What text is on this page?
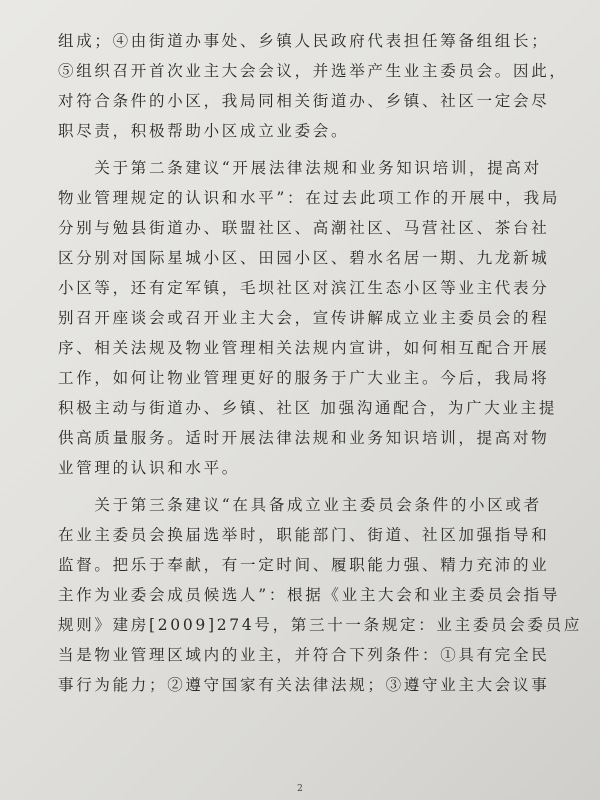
组成；④由街道办事处、乡镇人民政府代表担任筹备组组长；
⑤组织召开首次业主大会会议，并选举产生业主委员会。因此，
对符合条件的小区，我局同相关街道办、乡镇、社区一定会尽
职尽责，积极帮助小区成立业委会。
　　关于第二条建议“开展法律法规和业务知识培训，提高对
物业管理规定的认识和水平”：在过去此项工作的开展中，我局
分别与勉县街道办、联盟社区、高潮社区、马营社区、茶台社
区分别对国际星城小区、田园小区、碧水名居一期、九龙新城
小区等，还有定军镇，毛坝社区对滨江生态小区等业主代表分
别召开座谈会或召开业主大会，宣传讲解成立业主委员会的程
序、相关法规及物业管理相关法规内宣讲，如何相互配合开展
工作，如何让物业管理更好的服务于广大业主。今后，我局将
积极主动与街道办、乡镇、社区 加强沟通配合，为广大业主提
供高质量服务。适时开展法律法规和业务知识培训，提高对物
业管理的认识和水平。
　　关于第三条建议“在具备成立业主委员会条件的小区或者
在业主委员会换届选举时，职能部门、街道、社区加强指导和
监督。把乐于奉献，有一定时间、履职能力强、精力充沛的业
主作为业委会成员候选人”：根据《业主大会和业主委员会指导
规则》建房[2009]274号，第三十一条规定：业主委员会委员应
当是物业管理区域内的业主，并符合下列条件：①具有完全民
事行为能力；②遵守国家有关法律法规；③遵守业主大会议事
2
